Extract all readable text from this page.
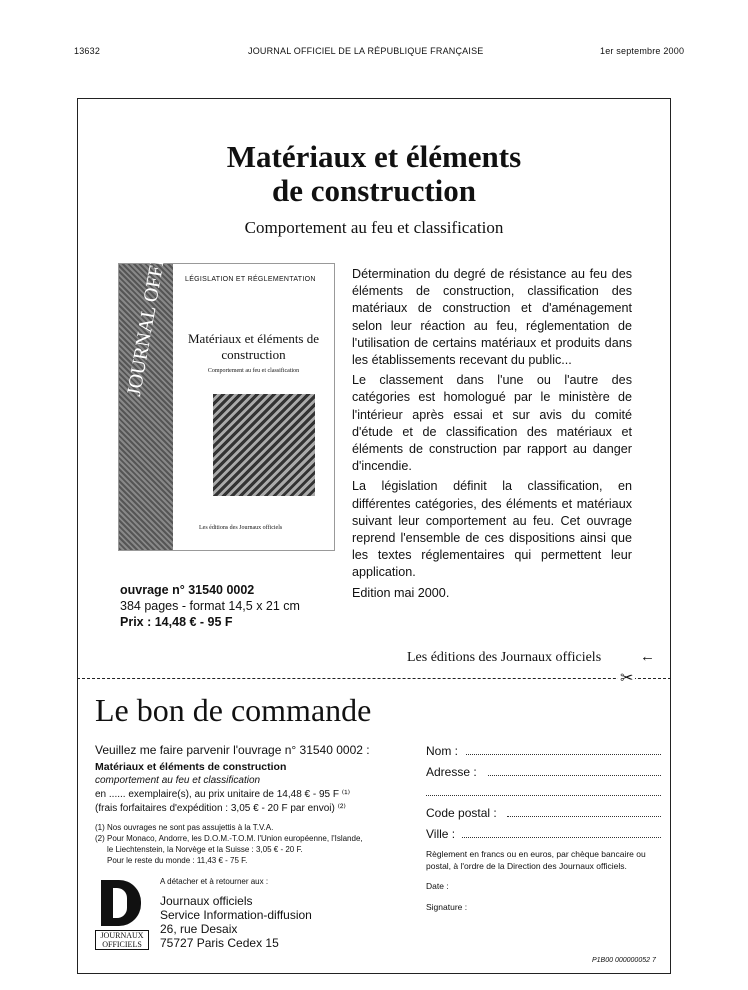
13632	JOURNAL OFFICIEL DE LA RÉPUBLIQUE FRANÇAISE	1er septembre 2000
Matériaux et éléments
de construction
Comportement au feu et classification
JOURNAL OFFICIEL LÉGISLATION ET RÉGLEMENTATION
Matériaux et éléments de construction
Comportement au feu et classification
Les éditions des Journaux officiels

Détermination du degré de résistance au feu des éléments de construction, classification des matériaux de construction et d'aménagement selon leur réaction au feu, réglementation de l'utilisation de certains matériaux et produits dans les établissements recevant du public...

Le classement dans l'une ou l'autre des catégories est homologué par le ministère de l'intérieur après essai et sur avis du comité d'étude et de classification des matériaux et éléments de construction par rapport au danger d'incendie.

La législation définit la classification, en différentes catégories, des éléments et matériaux suivant leur comportement au feu. Cet ouvrage reprend l'ensemble de ces dispositions ainsi que les textes réglementaires qui permettent leur application.

Edition mai 2000.

ouvrage n° 31540 0002
384 pages - format 14,5 x 21 cm
Prix : 14,48 € - 95 F
Les éditions des Journaux officiels	←
✂
Le bon de commande
Veuillez me faire parvenir l'ouvrage n° 31540 0002 :
Matériaux et éléments de construction
comportement au feu et classification
en ...... exemplaire(s), au prix unitaire de 14,48 € - 95 F ⁽¹⁾
(frais forfaitaires d'expédition : 3,05 € - 20 F par envoi) ⁽²⁾
(1) Nos ouvrages ne sont pas assujettis à la T.V.A.
(2) Pour Monaco, Andorre, les D.O.M.-T.O.M. l'Union européenne, l'Islande,
le Liechtenstein, la Norvège et la Suisse : 3,05 € - 20 F.
Pour le reste du monde : 11,43 € - 75 F.
A détacher et à retourner aux :
JOURNAUX
OFFICIELS
Journaux officiels
Service Information-diffusion
26, rue Desaix
75727 Paris Cedex 15
Nom :
Adresse :
Code postal :
Ville :
Règlement en francs ou en euros, par chèque bancaire ou postal, à l'ordre de la Direction des Journaux officiels.
Date :
Signature :
P1B00 000000052 7
